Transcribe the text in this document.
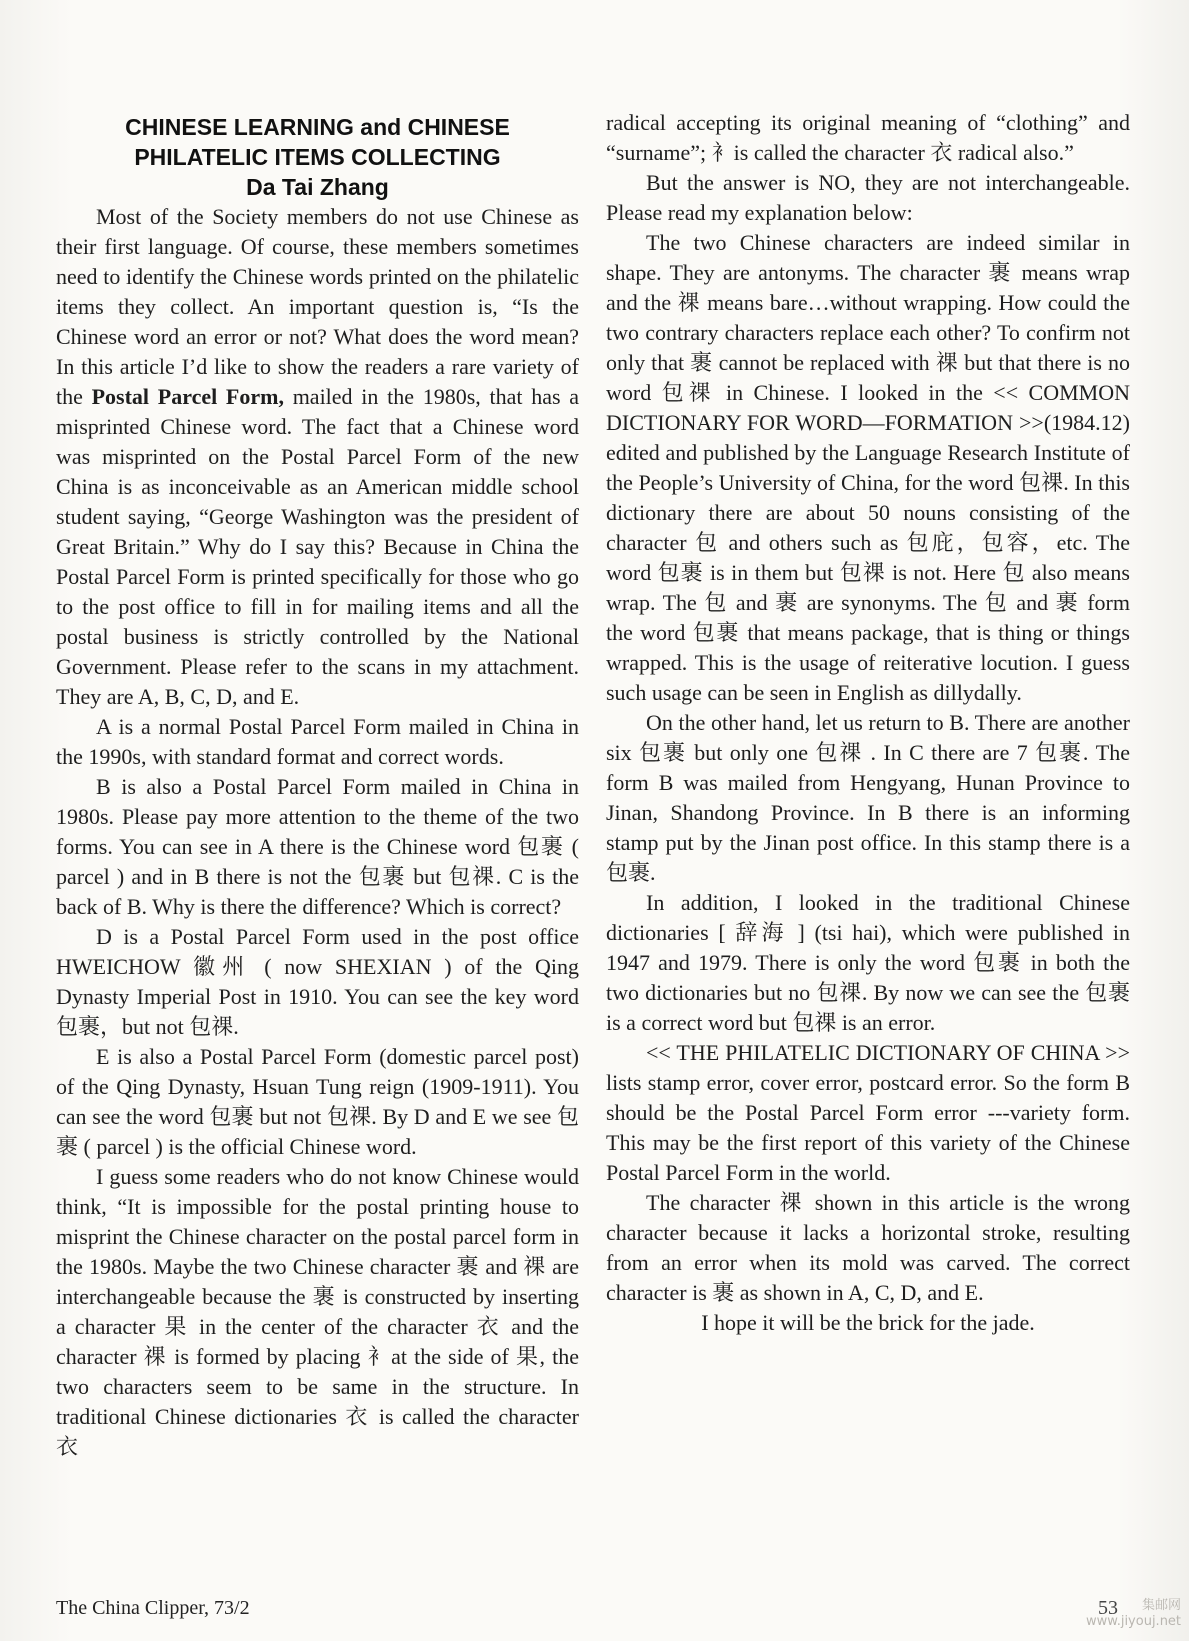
CHINESE LEARNING and CHINESE
PHILATELIC ITEMS COLLECTING
Da Tai Zhang

Most of the Society members do not use Chinese as their first language. Of course, these members sometimes need to identify the Chinese words printed on the philatelic items they collect. An important question is, “Is the Chinese word an error or not? What does the word mean? In this article I’d like to show the readers a rare variety of the Postal Parcel Form, mailed in the 1980s, that has a misprinted Chinese word. The fact that a Chinese word was misprinted on the Postal Parcel Form of the new China is as inconceivable as an American middle school student saying, “George Washington was the president of Great Britain.” Why do I say this? Because in China the Postal Parcel Form is printed specifically for those who go to the post office to fill in for mailing items and all the postal business is strictly controlled by the National Government. Please refer to the scans in my attachment. They are A, B, C, D, and E.

A is a normal Postal Parcel Form mailed in China in the 1990s, with standard format and correct words.

B is also a Postal Parcel Form mailed in China in 1980s. Please pay more attention to the theme of the two forms. You can see in A there is the Chinese word 包裹 ( parcel ) and in B there is not the 包裹 but 包祼. C is the back of B. Why is there the difference? Which is correct?

D is a Postal Parcel Form used in the post office HWEICHOW 徽州 ( now SHEXIAN ) of the Qing Dynasty Imperial Post in 1910. You can see the key word 包裹，but not 包祼.

E is also a Postal Parcel Form (domestic parcel post) of the Qing Dynasty, Hsuan Tung reign (1909-1911). You can see the word 包裹 but not 包祼. By D and E we see 包裹 ( parcel ) is the official Chinese word.

I guess some readers who do not know Chinese would think, “It is impossible for the postal printing house to misprint the Chinese character on the postal parcel form in the 1980s. Maybe the two Chinese character 裹 and 祼 are interchangeable because the 裹 is constructed by inserting a character 果 in the center of the character 衣 and the character 祼 is formed by placing 衤at the side of 果, the two characters seem to be same in the structure. In traditional Chinese dictionaries 衣 is called the character 衣

radical accepting its original meaning of “clothing” and “surname”; 衤is called the character 衣 radical also.”

But the answer is NO, they are not interchangeable. Please read my explanation below:

The two Chinese characters are indeed similar in shape. They are antonyms. The character 裹 means wrap and the 祼 means bare…without wrapping. How could the two contrary characters replace each other? To confirm not only that 裹 cannot be replaced with 祼 but that there is no word 包祼 in Chinese. I looked in the << COMMON DICTIONARY FOR WORD—FORMATION >>(1984.12) edited and published by the Language Research Institute of the People’s University of China, for the word 包祼. In this dictionary there are about 50 nouns consisting of the character 包 and others such as 包庇，包容，etc. The word 包裹 is in them but 包祼 is not. Here 包 also means wrap. The 包 and 裹 are synonyms. The 包 and 裹 form the word 包裹 that means package, that is thing or things wrapped. This is the usage of reiterative locution. I guess such usage can be seen in English as dillydally.

On the other hand, let us return to B. There are another six 包裹 but only one 包祼 . In C there are 7 包裹. The form B was mailed from Hengyang, Hunan Province to Jinan, Shandong Province. In B there is an informing stamp put by the Jinan post office. In this stamp there is a 包裹.

In addition, I looked in the traditional Chinese dictionaries [ 辞海 ] (tsi hai), which were published in 1947 and 1979. There is only the word 包裹 in both the two dictionaries but no 包祼. By now we can see the 包裹 is a correct word but 包祼 is an error.

<< THE PHILATELIC DICTIONARY OF CHINA >> lists stamp error, cover error, postcard error. So the form B should be the Postal Parcel Form error ---variety form. This may be the first report of this variety of the Chinese Postal Parcel Form in the world.

The character 祼 shown in this article is the wrong character because it lacks a horizontal stroke, resulting from an error when its mold was carved. The correct character is 裹 as shown in A, C, D, and E.

I hope it will be the brick for the jade.

The China Clipper, 73/2	53	集邮网
www.jiyouj.net
